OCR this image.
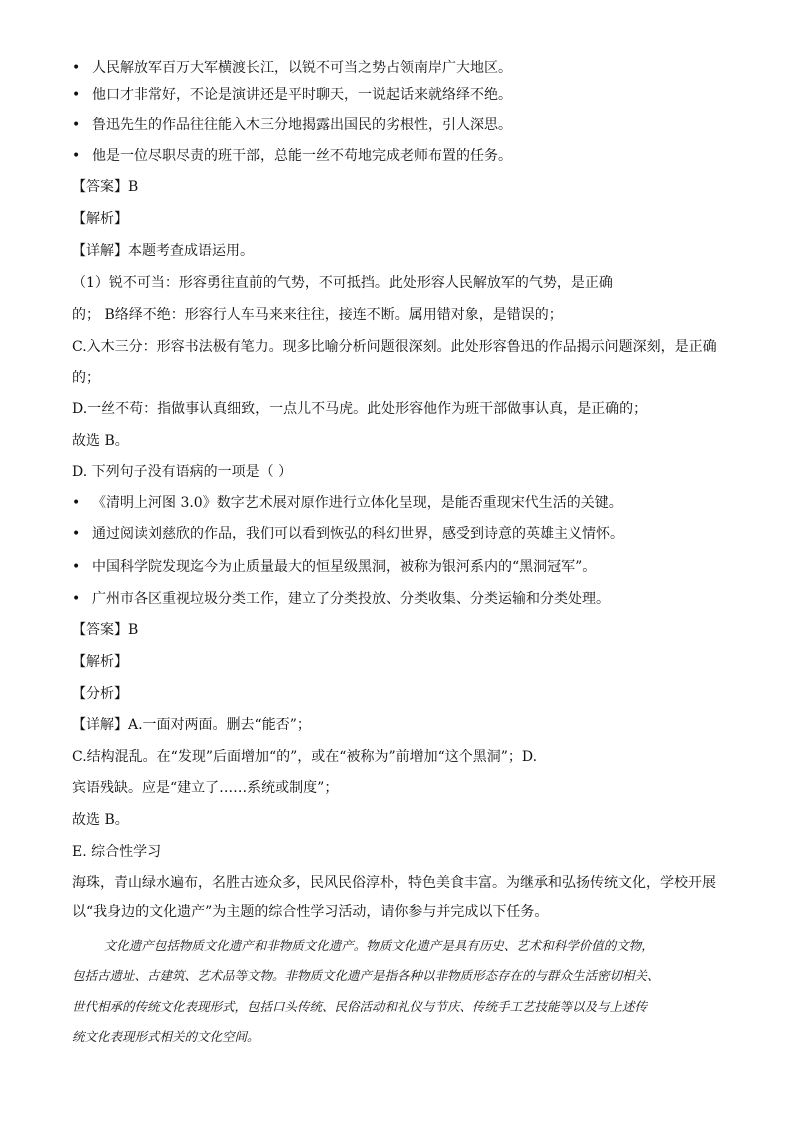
• 人民解放军百万大军横渡长江，以锐不可当之势占领南岸广大地区。
• 他口才非常好，不论是演讲还是平时聊天，一说起话来就络绎不绝。
• 鲁迅先生的作品往往能入木三分地揭露出国民的劣根性，引人深思。
• 他是一位尽职尽责的班干部，总能一丝不苟地完成老师布置的任务。
【答案】B
【解析】
【详解】本题考查成语运用。
（1）锐不可当：形容勇往直前的气势，不可抵挡。此处形容人民解放军的气势，是正确
的； B络绎不绝：形容行人车马来来往往，接连不断。属用错对象，是错误的；
C.入木三分：形容书法极有笔力。现多比喻分析问题很深刻。此处形容鲁迅的作品揭示问题深刻，是正确
的；
D.一丝不苟：指做事认真细致，一点儿不马虎。此处形容他作为班干部做事认真，是正确的；
故选 B。
D. 下列句子没有语病的一项是（ ）
• 《清明上河图 3.0》数字艺术展对原作进行立体化呈现，是能否重现宋代生活的关键。
• 通过阅读刘慈欣的作品，我们可以看到恢弘的科幻世界，感受到诗意的英雄主义情怀。
• 中国科学院发现迄今为止质量最大的恒星级黑洞，被称为银河系内的“黑洞冠军”。
• 广州市各区重视垃圾分类工作，建立了分类投放、分类收集、分类运输和分类处理。
【答案】B
【解析】
【分析】
【详解】A.一面对两面。删去“能否”；
C.结构混乱。在“发现”后面增加“的”，或在“被称为”前增加“这个黑洞”；D.
宾语残缺。应是“建立了……系统或制度”；
故选 B。
E. 综合性学习
海珠，青山绿水遍布，名胜古迹众多，民风民俗淳朴，特色美食丰富。为继承和弘扬传统文化，学校开展
以“我身边的文化遗产”为主题的综合性学习活动，请你参与并完成以下任务。
文化遗产包括物质文化遗产和非物质文化遗产。物质文化遗产是具有历史、艺术和科学价值的文物，
包括古遗址、古建筑、艺术品等文物。非物质文化遗产是指各种以非物质形态存在的与群众生活密切相关、
世代相承的传统文化表现形式，包括口头传统、民俗活动和礼仪与节庆、传统手工艺技能等以及与上述传
统文化表现形式相关的文化空间。
